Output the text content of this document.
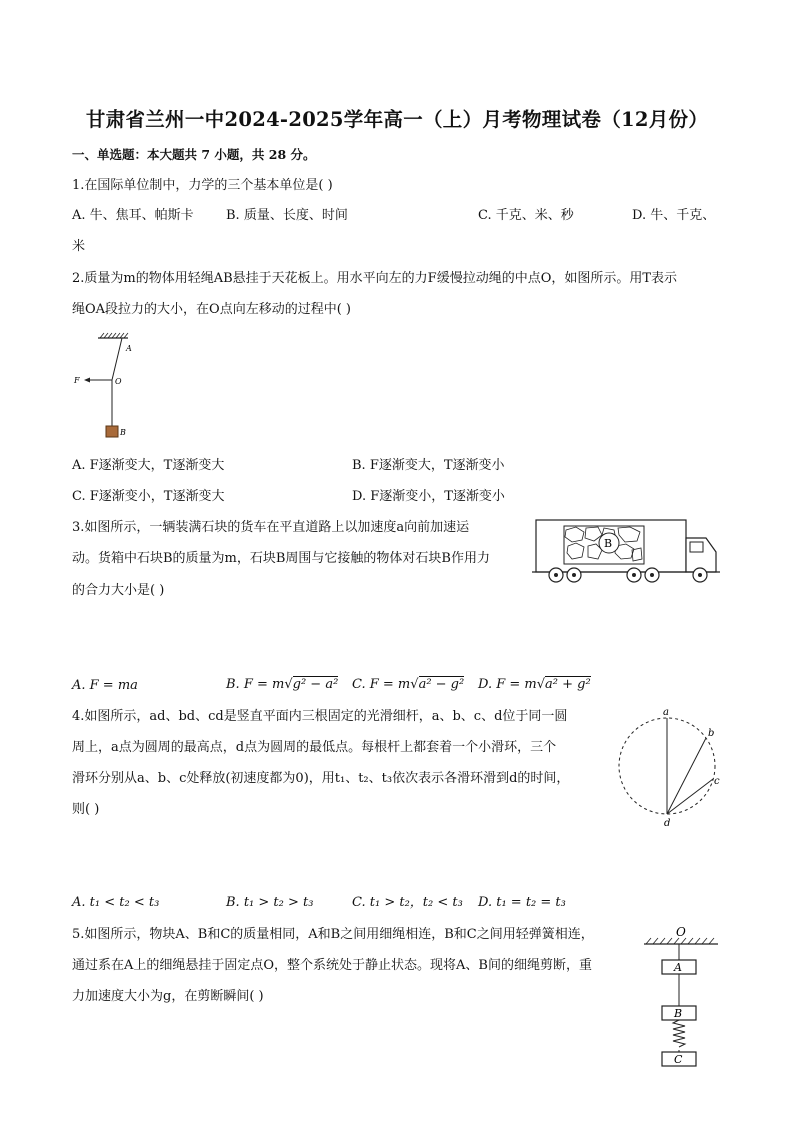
甘肃省兰州一中2024-2025学年高一（上）月考物理试卷（12月份）
一、单选题：本大题共 7 小题，共 28 分。
1.在国际单位制中，力学的三个基本单位是( )
A. 牛、焦耳、帕斯卡 B. 质量、长度、时间	C. 千克、米、秒	D. 牛、千克、
米
2.质量为m的物体用轻绳AB悬挂于天花板上。用水平向左的力F缓慢拉动绳的中点O，如图所示。用T表示
绳OA段拉力的大小，在O点向左移动的过程中( )
A
O
F
B
A. F逐渐变大，T逐渐变大	B. F逐渐变大，T逐渐变小
C. F逐渐变小，T逐渐变大	D. F逐渐变小，T逐渐变小
3.如图所示，一辆装满石块的货车在平直道路上以加速度a向前加速运
动。货箱中石块B的质量为m，石块B周围与它接触的物体对石块B作用力
的合力大小是( )
B
A. F = ma	B. F = m√g² − a² C. F = m√a² − g² D. F = m√a² + g²
4.如图所示，ad、bd、cd是竖直平面内三根固定的光滑细杆，a、b、c、d位于同一圆
周上，a点为圆周的最高点，d点为圆周的最低点。每根杆上都套着一个小滑环，三个
滑环分别从a、b、c处释放(初速度都为0)，用t₁、t₂、t₃依次表示各滑环滑到d的时间，
则( )
a
b
c
d
A. t₁ < t₂ < t₃	B. t₁ > t₂ > t₃	C. t₁ > t₂，t₂ < t₃ D. t₁ = t₂ = t₃
5.如图所示，物块A、B和C的质量相同，A和B之间用细绳相连，B和C之间用轻弹簧相连，
通过系在A上的细绳悬挂于固定点O，整个系统处于静止状态。现将A、B间的细绳剪断，重
力加速度大小为g，在剪断瞬间( )
O
A
B
C
